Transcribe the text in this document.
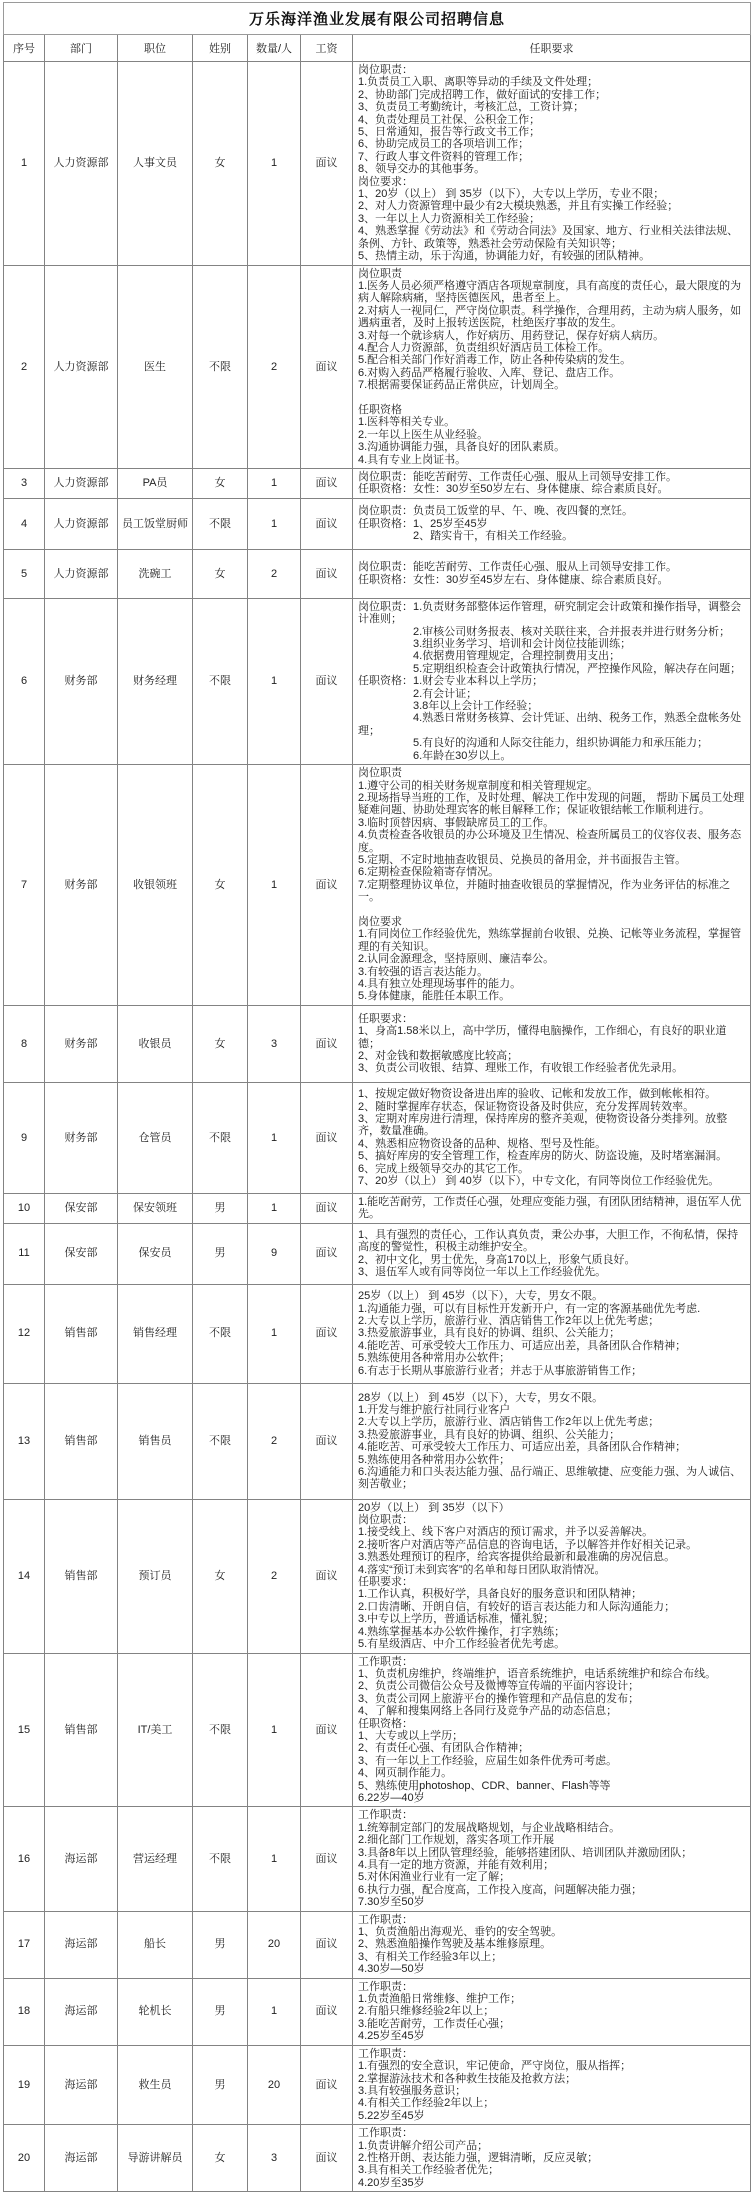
万乐海洋渔业发展有限公司招聘信息						
序号	部门	职位	姓别	数量/人	工资	任职要求
1	人力资源部	人事文员	女	1	面议	岗位职责：
1.负责员工入职、离职等异动的手续及文件处理；
2、协助部门完成招聘工作，做好面试的安排工作；
3、负责员工考勤统计，考核汇总，工资计算；
4、负责处理员工社保、公积金工作；
5、日常通知，报告等行政文书工作；
6、协助完成员工的各项培训工作；
7、行政人事文件资料的管理工作；
8、领导交办的其他事务。
岗位要求：
1、20岁（以上） 到 35岁（以下），大专以上学历，专业不限；
2、对人力资源管理中最少有2大模块熟悉，并且有实操工作经验；
3、一年以上人力资源相关工作经验；
4、熟悉掌握《劳动法》和《劳动合同法》及国家、地方、行业相关法律法规、条例、方针、政策等，熟悉社会劳动保险有关知识等；
5、热情主动，乐于沟通，协调能力好，有较强的团队精神。
2	人力资源部	医生	不限	2	面议	岗位职责
1.医务人员必须严格遵守酒店各项规章制度，具有高度的责任心，最大限度的为病人解除病痛，坚持医德医风，患者至上。
2.对病人一视同仁，严守岗位职责。科学操作，合理用药，主动为病人服务，如遇病重者，及时上报转送医院，杜绝医疗事故的发生。
3.对每一个就诊病人，作好病历、用药登记，保存好病人病历。
4.配合人力资源部，负责组织好酒店员工体检工作。
5.配合相关部门作好消毒工作，防止各种传染病的发生。
6.对购入药品严格履行验收、入库、登记、盘店工作。
7.根据需要保证药品正常供应，计划周全。

任职资格
1.医科等相关专业。
2.一年以上医生从业经验。
3.沟通协调能力强，具备良好的团队素质。
4.具有专业上岗证书。
3	人力资源部	PA员	女	1	面议	岗位职责：能吃苦耐劳、工作责任心强、服从上司领导安排工作。
任职资格：女性：30岁至50岁左右、身体健康、综合素质良好。
4	人力资源部	员工饭堂厨师	不限	1	面议	岗位职责：负责员工饭堂的早、午、晚、夜四餐的烹饪。
任职资格：1、25岁至45岁
　　　　　2、踏实肯干，有相关工作经验。
5	人力资源部	洗碗工	女	2	面议	岗位职责：能吃苦耐劳、工作责任心强、服从上司领导安排工作。
任职资格：女性：30岁至45岁左右、身体健康、综合素质良好。
6	财务部	财务经理	不限	1	面议	岗位职责：1.负责财务部整体运作管理，研究制定会计政策和操作指导，调整会计准则；
　　　　　2.审核公司财务报表、核对关联往来，合并报表并进行财务分析；
　　　　　3.组织业务学习、培训和会计岗位技能训练；
　　　　　4.依据费用管理规定，合理控制费用支出；
　　　　　5.定期组织检查会计政策执行情况，严控操作风险，解决存在问题；
任职资格：1.财会专业本科以上学历；
　　　　　2.有会计证；
　　　　　3.8年以上会计工作经验；
　　　　　4.熟悉日常财务核算、会计凭证、出纳、税务工作，熟悉全盘帐务处理；
　　　　　5.有良好的沟通和人际交往能力，组织协调能力和承压能力；
　　　　　6.年龄在30岁以上。
7	财务部	收银领班	女	1	面议	岗位职责
1.遵守公司的相关财务规章制度和相关管理规定。
2.现场指导当班的工作，及时处理、解决工作中发现的问题， 帮助下属员工处理疑难问题、协助处理宾客的帐目解释工作；保证收银结帐工作顺利进行。
3.临时顶替因病、事假缺席员工的工作。
4.负责检查各收银员的办公环境及卫生情况、检查所属员工的仪容仪表、服务态度。
5.定期、不定时地抽查收银员、兑换员的备用金，并书面报告主管。
6.定期检查保险箱寄存情况。
7.定期整理协议单位，并随时抽查收银员的掌握情况，作为业务评估的标准之一。

岗位要求
1.有同岗位工作经验优先，熟练掌握前台收银、兑换、记帐等业务流程，掌握管理的有关知识。
2.认同金源理念，坚持原则、廉洁奉公。
3.有较强的语言表达能力。
4.具有独立处理现场事件的能力。
5.身体健康，能胜任本职工作。
8	财务部	收银员	女	3	面议	任职要求：
1、身高1.58米以上，高中学历，懂得电脑操作，工作细心，有良好的职业道德；
2、对金钱和数据敏感度比较高；
3、负责公司收银、结算、理账工作，有收银工作经验者优先录用。
9	财务部	仓管员	不限	1	面议	1、按规定做好物资设备进出库的验收、记帐和发放工作，做到帐帐相符。
2、随时掌握库存状态，保证物资设备及时供应，充分发挥周转效率。
3、定期对库房进行清理，保持库房的整齐美观，使物资设备分类排列。放整齐，数量准确。
4、熟悉相应物资设备的品种、规格、型号及性能。
5、搞好库房的安全管理工作，检查库房的防火、防盗设施，及时堵塞漏洞。
6、完成上级领导交办的其它工作。
7、20岁（以上） 到 40岁（以下），中专文化，有同等岗位工作经验优先。
10	保安部	保安领班	男	1	面议	1.能吃苦耐劳，工作责任心强，处理应变能力强，有团队团结精神，退伍军人优先。
11	保安部	保安员	男	9	面议	1、具有强烈的责任心，工作认真负责，秉公办事，大胆工作，不徇私情，保持高度的警觉性，积极主动维护安全。
2、初中文化，男士优先，身高170以上，形象气质良好。
3、退伍军人或有同等岗位一年以上工作经验优先。
12	销售部	销售经理	不限	1	面议	25岁（以上） 到 45岁（以下），大专，男女不限。
1.沟通能力强，可以有目标性开发新开户，有一定的客源基础优先考虑.
2.大专以上学历，旅游行业、酒店销售工作2年以上优先考虑；
3.热爱旅游事业，具有良好的协调、组织、公关能力；
4.能吃苦、可承受较大工作压力、可适应出差，具备团队合作精神；
5.熟练使用各种常用办公软件；
6.有志于长期从事旅游行业者；并志于从事旅游销售工作；
13	销售部	销售员	不限	2	面议	28岁（以上） 到 45岁（以下），大专，男女不限。
1.开发与维护旅行社同行业客户
2.大专以上学历，旅游行业、酒店销售工作2年以上优先考虑；
3.热爱旅游事业，具有良好的协调、组织、公关能力；
4.能吃苦、可承受较大工作压力、可适应出差，具备团队合作精神；
5.熟练使用各种常用办公软件；
6.沟通能力和口头表达能力强、品行端正、思维敏捷、应变能力强、为人诚信、刻苦敬业；
14	销售部	预订员	女	2	面议	20岁（以上） 到 35岁（以下）
岗位职责：
1.接受线上、线下客户对酒店的预订需求，并予以妥善解决。
2.接听客户对酒店等产品信息的咨询电话，予以解答并作好相关记录。
3.熟悉处理预订的程序，给宾客提供给最新和最准确的房况信息。
4.落实“预订未到宾客”的名单和每日团队取消情况。
任职要求：
1.工作认真，积极好学，具备良好的服务意识和团队精神；
2.口齿清晰、开朗自信，有较好的语言表达能力和人际沟通能力；
3.中专以上学历，普通话标准，懂礼貌；
4.熟练掌握基本办公软件操作，打字熟练；
5.有星级酒店、中介工作经验者优先考虑。
15	销售部	IT/美工	不限	1	面议	工作职责：
1、负责机房维护，终端维护，语音系统维护，电话系统维护和综合布线。
2、负责公司微信公众号及微博等宣传端的平面内容设计；
3、负责公司网上旅游平台的操作管理和产品信息的发布；
4、了解和搜集网络上各同行及竞争产品的动态信息；
任职资格：
1、大专或以上学历；
2、有责任心强、有团队合作精神；
3、有一年以上工作经验，应届生如条件优秀可考虑。
4、网页制作能力。
5、熟练使用photoshop、CDR、banner、Flash等等
6.22岁—40岁
16	海运部	营运经理	不限	1	面议	工作职责：
1.统筹制定部门的发展战略规划，与企业战略相结合。
2.细化部门工作规划，落实各项工作开展
3.具备8年以上团队管理经验，能够搭建团队、培训团队并激励团队；
4.具有一定的地方资源，并能有效利用；
5.对休闲渔业行业有一定了解；
6.执行力强，配合度高，工作投入度高，问题解决能力强；
7.30岁至50岁
17	海运部	船长	男	20	面议	工作职责：
1、负责渔船出海观光、垂钓的安全驾驶。
2、熟悉渔船操作驾驶及基本维修原理。
3、有相关工作经验3年以上；
4.30岁—50岁
18	海运部	轮机长	男	1	面议	工作职责：
1.负责渔船日常维修、维护工作；
2.有船只维修经验2年以上；
3.能吃苦耐劳，工作责任心强；
4.25岁至45岁
19	海运部	救生员	男	20	面议	工作职责：
1.有强烈的安全意识，牢记使命，严守岗位，服从指挥；
2.掌握游泳技术和各种救生技能及抢救方法；
3.具有较强服务意识；
4.有相关工作经验2年以上；
5.22岁至45岁
20	海运部	导游讲解员	女	3	面议	工作职责：
1.负责讲解介绍公司产品；
2.性格开朗、表达能力强，逻辑清晰，反应灵敏；
3.具有相关工作经验者优先；
4.20岁至35岁
